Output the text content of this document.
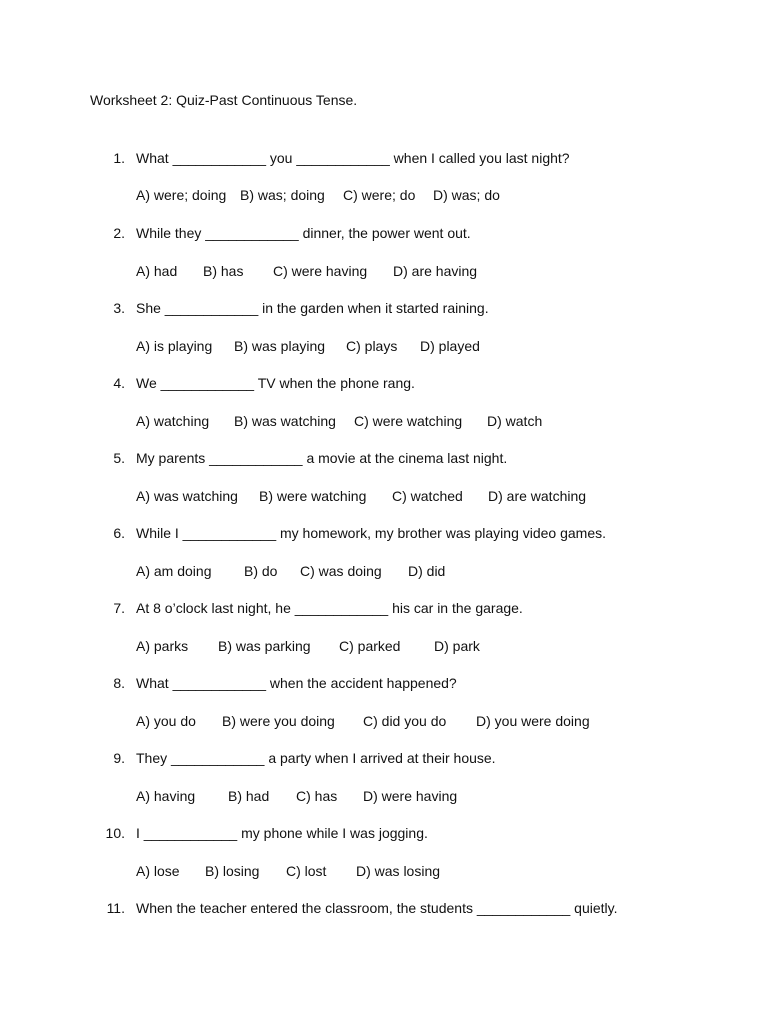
Worksheet 2: Quiz-Past Continuous Tense.
1. What ____________ you ____________ when I called you last night?
A) were; doing B) was; doing C) were; do D) was; do
2. While they ____________ dinner, the power went out.
A) had B) has C) were having D) are having
3. She ____________ in the garden when it started raining.
A) is playing B) was playing C) plays D) played
4. We ____________ TV when the phone rang.
A) watching B) was watching C) were watching D) watch
5. My parents ____________ a movie at the cinema last night.
A) was watching B) were watching C) watched D) are watching
6. While I ____________ my homework, my brother was playing video games.
A) am doing B) do C) was doing D) did
7. At 8 o’clock last night, he ____________ his car in the garage.
A) parks B) was parking C) parked D) park
8. What ____________ when the accident happened?
A) you do B) were you doing C) did you do D) you were doing
9. They ____________ a party when I arrived at their house.
A) having B) had C) has D) were having
10. I ____________ my phone while I was jogging.
A) lose B) losing C) lost D) was losing
11. When the teacher entered the classroom, the students ____________ quietly.
